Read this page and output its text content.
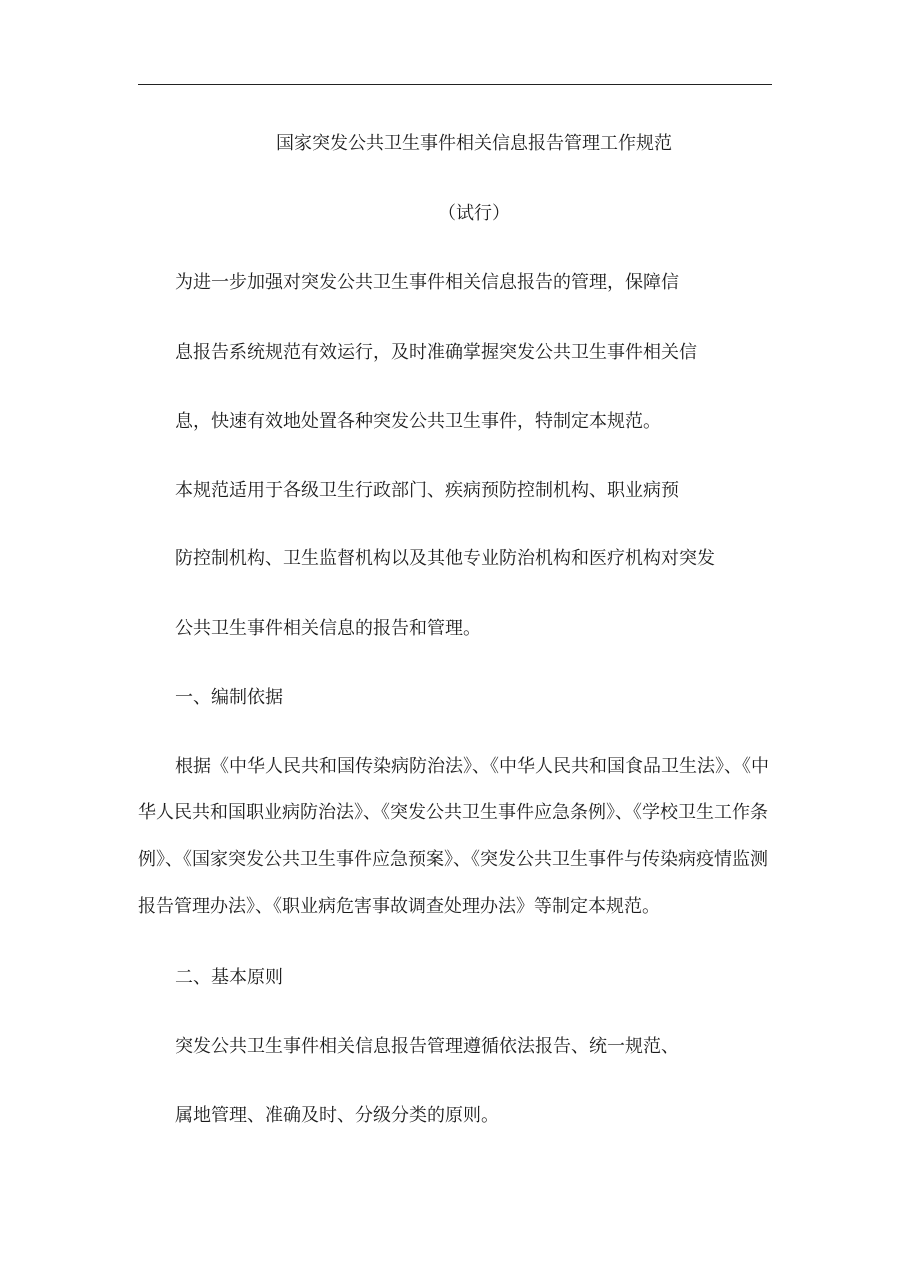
国家突发公共卫生事件相关信息报告管理工作规范
（试行）
为进一步加强对突发公共卫生事件相关信息报告的管理，保障信
息报告系统规范有效运行，及时准确掌握突发公共卫生事件相关信
息，快速有效地处置各种突发公共卫生事件，特制定本规范。
本规范适用于各级卫生行政部门、疾病预防控制机构、职业病预
防控制机构、卫生监督机构以及其他专业防治机构和医疗机构对突发
公共卫生事件相关信息的报告和管理。
一、编制依据
根据《中华人民共和国传染病防治法》、《中华人民共和国食品卫生法》、《中
华人民共和国职业病防治法》、《突发公共卫生事件应急条例》、《学校卫生工作条
例》、《国家突发公共卫生事件应急预案》、《突发公共卫生事件与传染病疫情监测
报告管理办法》、《职业病危害事故调查处理办法》等制定本规范。
二、基本原则
突发公共卫生事件相关信息报告管理遵循依法报告、统一规范、
属地管理、准确及时、分级分类的原则。
